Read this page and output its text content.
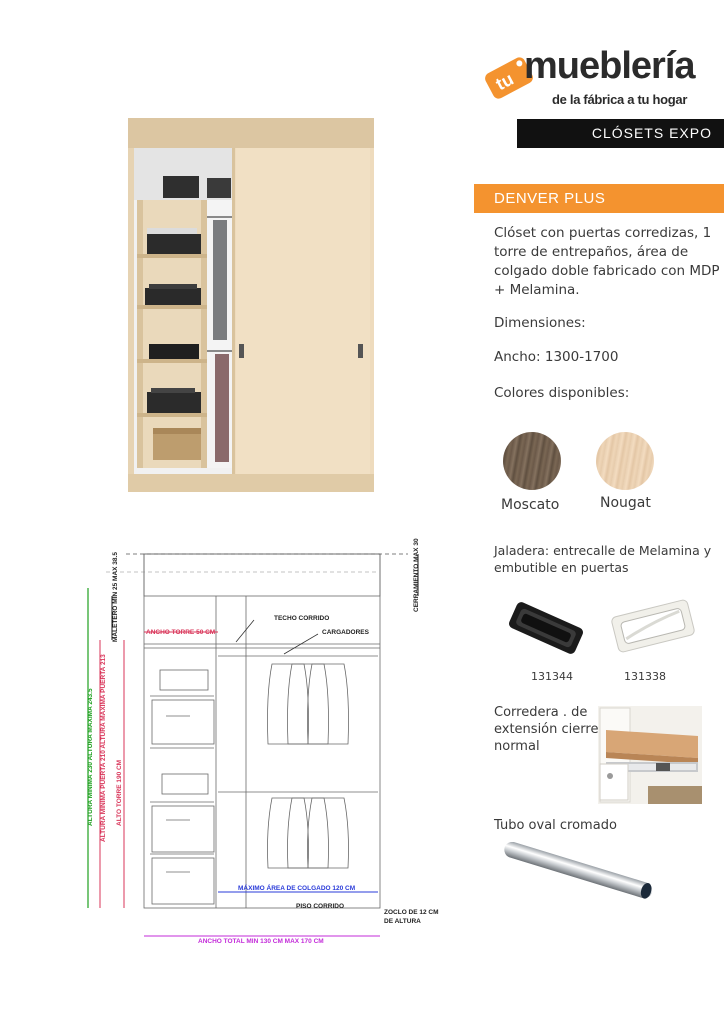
tu mueblería
de la fábrica a tu hogar
CLÓSETS EXPO
DENVER PLUS
Clóset con puertas corredizas, 1 torre de entrepaños, área de colgado doble fabricado con MDP + Melamina.
Dimensiones:
Ancho: 1300-1700
Colores disponibles:
Moscato	Nougat
Jaladera: entrecalle de Melamina y embutible en puertas
131344	131338
Corredera . de extensión cierre normal
Tubo oval cromado
TECHO CORRIDO
CARGADORES
ANCHO TORRE 50 CM
MÁXIMO ÁREA DE COLGADO 120 CM
PISO CORRIDO
ZOCLO DE 12 CM
DE ALTURA
ANCHO TOTAL MIN 130 CM MAX 170 CM
CERRAMIENTO MAX 30
ALTURA MINIMA 230 ALTURA MAXIMA 243.5 ALTURA MINIMA PUERTA 210 ALTURA MAXIMA PUERTA 213
MALETERO MIN 25 MAX 38.5
ALTO TORRE 190 CM
